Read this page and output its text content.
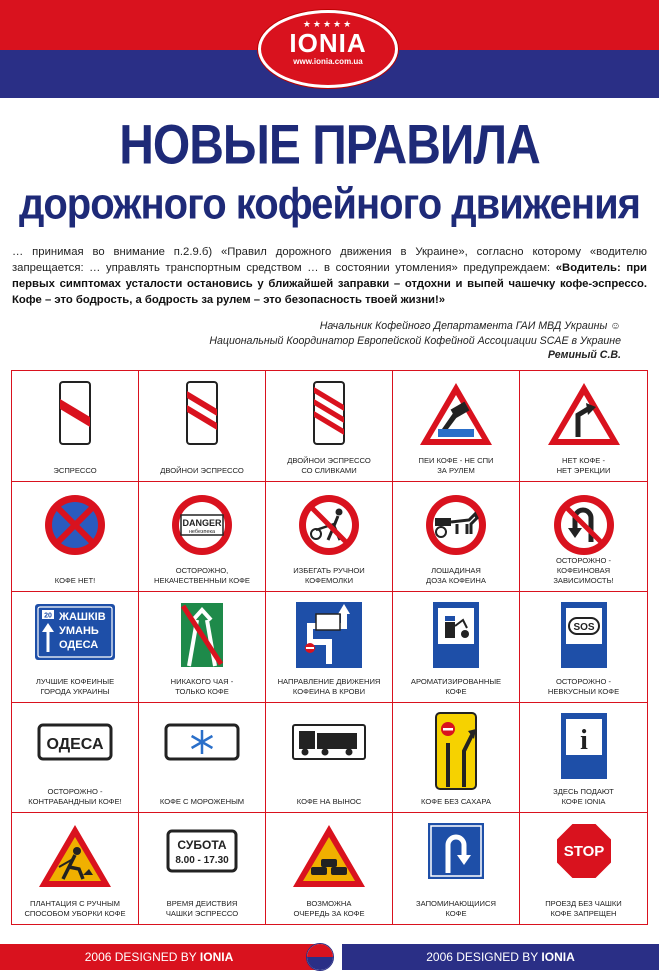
★★★★★
IONIA
www.ionia.com.ua
НОВЫЕ ПРАВИЛА
дорожного кофейного движения
… принимая во внимание п.2.9.б) «Правил дорожного движения в Украине», согласно которому «водителю запрещается: … управлять транспортным средством … в состоянии утомления» предупреждаем: «Водитель: при первых симптомах усталости остановись у ближайшей заправки – отдохни и выпей чашечку кофе-эспрессо. Кофе – это бодрость, а бодрость за рулем – это безопасность твоей жизни!»
Начальник Кофейного Департамента ГАИ МВД Украины ☺
Национальный Координатор Европейской Кофейной Ассоциации SCAE в Украине
Реминый С.В.
ЭСПРЕССО	ДВОЙНОИ ЭСПРЕССО
ДВОЙНОИ ЭСПРЕССО
СО СЛИВКАМИ
ПЕИ КОФЕ - НЕ СПИ
ЗА РУЛЕМ
НЕТ КОФЕ -
НЕТ ЭРЕКЦИИ
КОФЕ НЕТ!
DANGER
небезпека
ОСТОРОЖНО,
НЕКАЧЕСТВЕННЫИ КОФЕ
ИЗБЕГАТЬ РУЧНОИ
КОФЕМОЛКИ
ЛОШАДИНАЯ
ДОЗА КОФЕИНА
ОСТОРОЖНО -
КОФЕИНОВАЯ
ЗАВИСИМОСТЬ!
20 ЖАШКІВ
УМАНЬ
ОДЕСА
ЛУЧШИЕ КОФЕИНЫЕ
ГОРОДА УКРАИНЫ
НИКАКОГО ЧАЯ -
ТОЛЬКО КОФЕ
НАПРАВЛЕНИЕ ДВИЖЕНИЯ
КОФЕИНА В КРОВИ
АРОМАТИЗИРОВАННЫЕ
КОФЕ
SOS
ОСТОРОЖНО -
НЕВКУСНЫИ КОФЕ
ОДЕСА
ОСТОРОЖНО -
КОНТРАБАНДНЫИ КОФЕ!	КОФЕ С МОРОЖЕНЫМ	КОФЕ НА ВЫНОС	КОФЕ БЕЗ САХАРА
i
ЗДЕСЬ ПОДАЮТ
КОФЕ IONIA
ПЛАНТАЦИЯ С РУЧНЫМ
СПОСОБОМ УБОРКИ КОФЕ
СУБОТА
8.00 - 17.30
ВРЕМЯ ДЕИСТВИЯ
ЧАШКИ ЭСПРЕССО
ВОЗМОЖНА
ОЧЕРЕДЬ ЗА КОФЕ
ЗАПОМИНАЮЩИИСЯ
КОФЕ
STOP
ПРОЕЗД БЕЗ ЧАШКИ
КОФЕ ЗАПРЕЩЕН
2006 DESIGNED BY IONIA	2006 DESIGNED BY IONIA
